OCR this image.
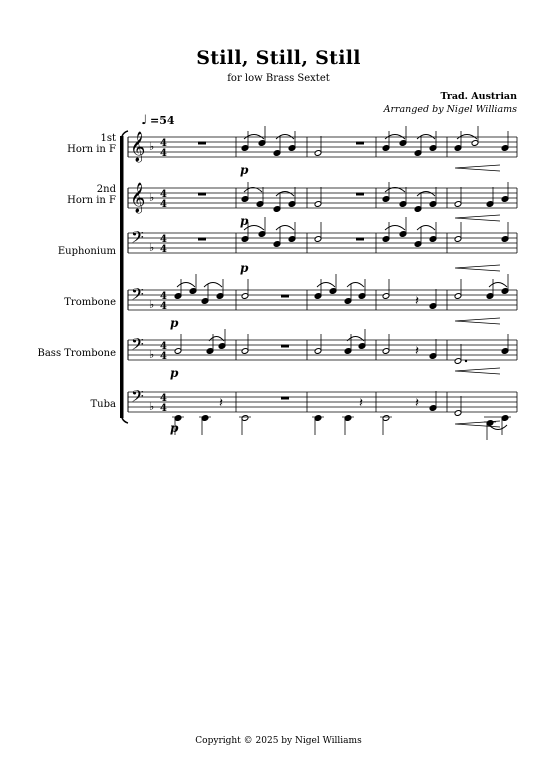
Still, Still, Still
for low Brass Sextet
Trad. Austrian
Arranged by Nigel Williams
1st
Horn in F
2nd
Horn in F
Euphonium
Trombone
Bass Trombone
Tuba
♩ =54
𝄞 ♭ 4
4
𝄞 ♭ 4
4
𝄢 ♭
4
4
𝄢 ♭
4
4
𝄢 ♭
4
4
𝄢 ♭
4
4
p
p
p
p
𝄽
p
𝄽
𝄽
p
𝄽	𝄽
Copyright © 2025 by Nigel Williams
